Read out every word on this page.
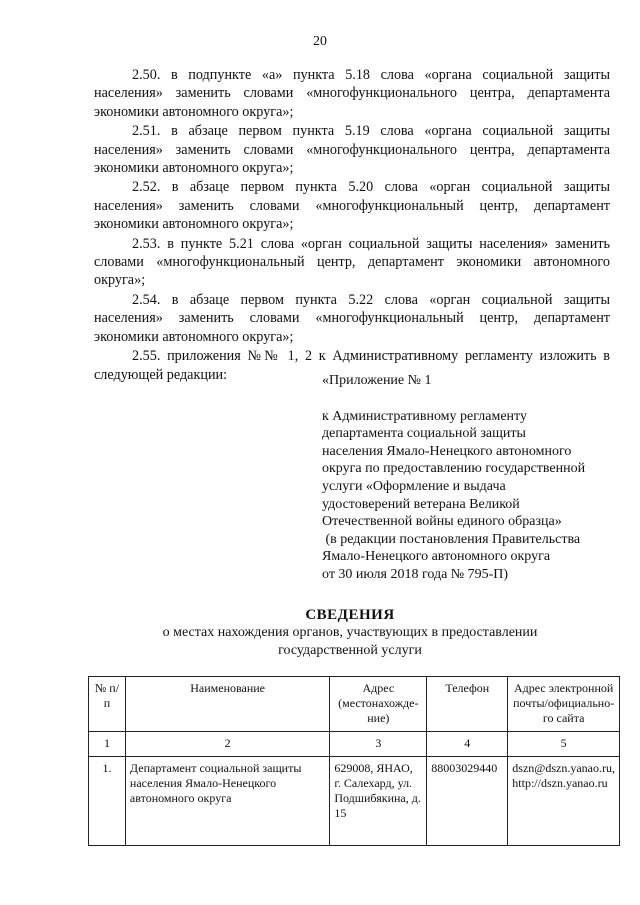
20

2.50. в подпункте «а» пункта 5.18 слова «органа социальной защиты населения» заменить словами «многофункционального центра, департамента экономики автономного округа»;

2.51. в абзаце первом пункта 5.19 слова «органа социальной защиты населения» заменить словами «многофункционального центра, департамента экономики автономного округа»;

2.52. в абзаце первом пункта 5.20 слова «орган социальной защиты населения» заменить словами «многофункциональный центр, департамент экономики автономного округа»;

2.53. в пункте 5.21 слова «орган социальной защиты населения» заменить словами «многофункциональный центр, департамент экономики автономного округа»;

2.54. в абзаце первом пункта 5.22 слова «орган социальной защиты населения» заменить словами «многофункциональный центр, департамент экономики автономного округа»;

2.55. приложения №№ 1, 2 к Административному регламенту изложить в следующей редакции:	«Приложение № 1
к Административному регламенту
департамента социальной защиты
населения Ямало-Ненецкого автономного
округа по предоставлению государственной
услуги «Оформление и выдача
удостоверений ветерана Великой
Отечественной войны единого образца»
(в редакции постановления Правительства
Ямало-Ненецкого автономного округа
от 30 июля 2018 года № 795-П)
СВЕДЕНИЯ
о местах нахождения органов, участвующих в предоставлении
государственной услуги
№ п/п	Наименование	Адрес (местонахожде-ние)	Телефон	Адрес электронной почты/официально-го сайта
1	2	3	4	5
1.	Департамент социальной защиты населения Ямало-Ненецкого автономного округа	629008, ЯНАО, г. Салехард, ул. Подшибякина, д. 15	88003029440	dszn@dszn.yanao.ru, http://dszn.yanao.ru
